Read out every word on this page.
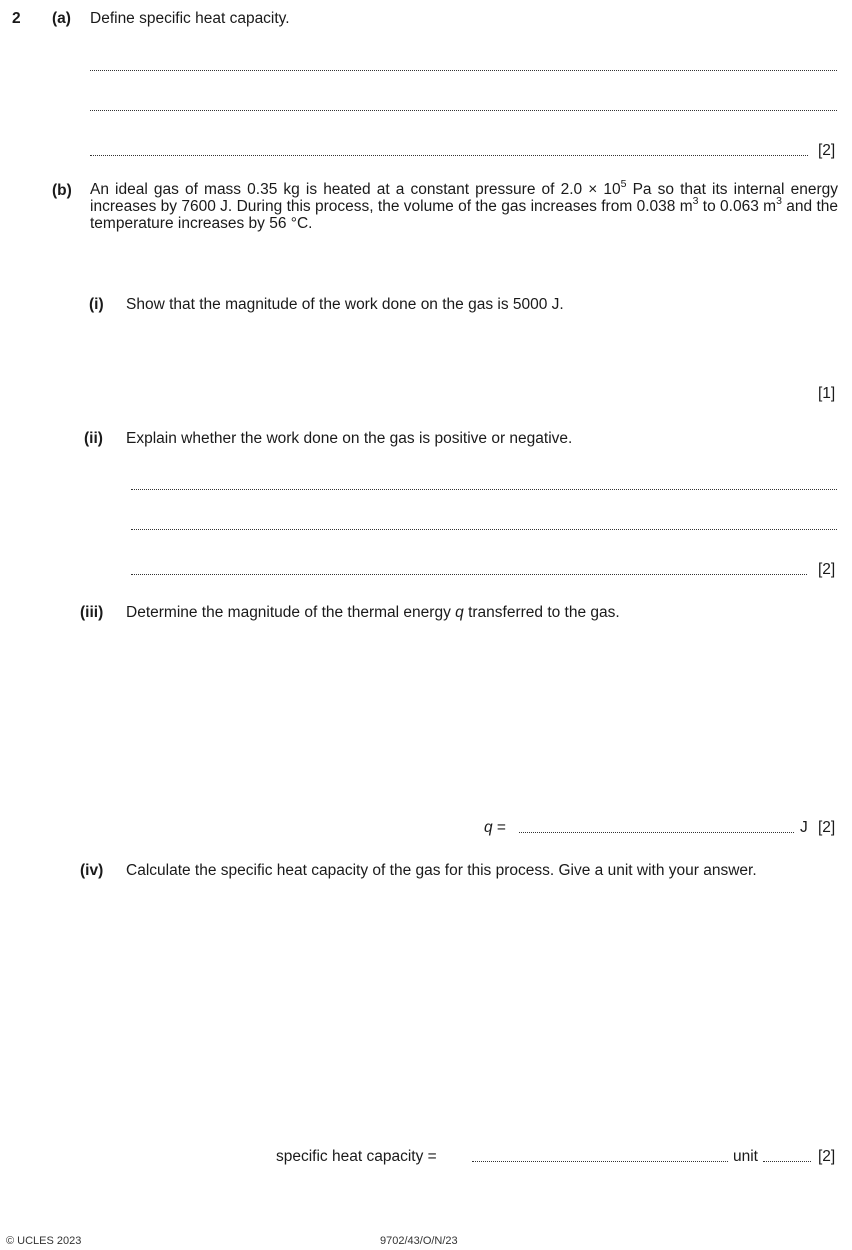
2 (a) Define specific heat capacity.
[2]
(b) An ideal gas of mass 0.35 kg is heated at a constant pressure of $2.0 \times 10^5$ Pa so that its internal energy increases by 7600 J. During this process, the volume of the gas increases from 0.038 $m^3$ to 0.063 $m^3$ and the temperature increases by 56 °C.
(i) Show that the magnitude of the work done on the gas is 5000 J.
[1]
(ii) Explain whether the work done on the gas is positive or negative.
[2]
(iii) Determine the magnitude of the thermal energy q transferred to the gas.
q =	J [2]
(iv) Calculate the specific heat capacity of the gas for this process. Give a unit with your answer.
specific heat capacity =	unit	[2]
© UCLES 2023	9702/43/O/N/23
